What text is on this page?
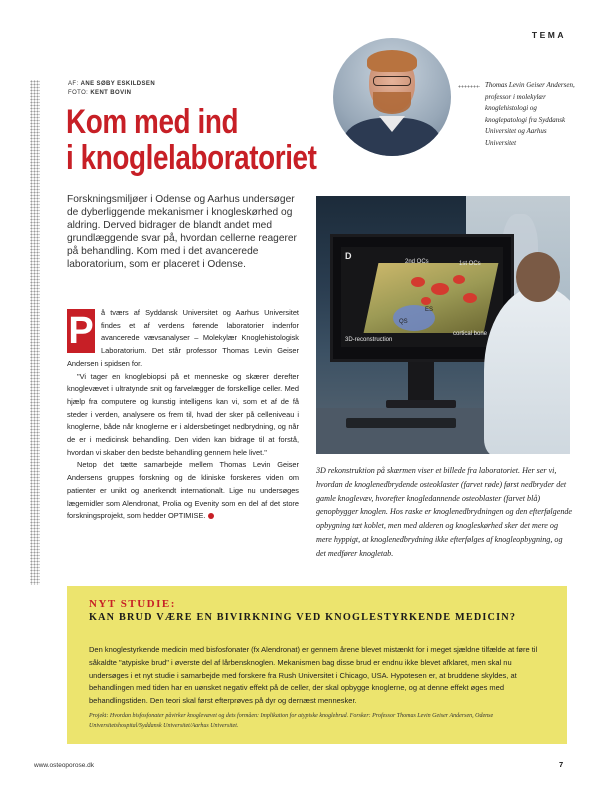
TEMA
AF: ANE SØBY ESKILDSEN
FOTO: KENT BOVIN
Kom med ind
i knoglelaboratoriet
Thomas Levin Geiser Andersen, professor i molekylær knoglehistologi og knoglepatologi fra Syddansk Universitet og Aarhus Universitet
Forskningsmiljøer i Odense og Aarhus undersøger de dyberliggende mekanismer i knogleskørhed og aldring. Derved bidrager de blandt andet med grundlæggende svar på, hvordan cellerne reagerer på behandling. Kom med i det avancerede laboratorium, som er placeret i Odense.

P å tværs af Syddansk Universitet og Aarhus Universitet findes et af verdens førende laboratorier indenfor avancerede vævsanalyser – Molekylær Knoglehistologisk Laboratorium. Det står professor Thomas Levin Geiser Andersen i spidsen for.

"Vi tager en knoglebiopsi på et menneske og skærer derefter knoglevævet i ultratynde snit og farvelægger de forskellige celler. Med hjælp fra computere og kunstig intelligens kan vi, som et af de få steder i verden, analysere os frem til, hvad der sker på celleniveau i knoglerne, både når knoglerne er i aldersbetinget nedbrydning, og når de er i medicinsk behandling. Den viden kan bidrage til at forstå, hvordan vi skaber den bedste behandling gennem hele livet."

Netop det tætte samarbejde mellem Thomas Levin Geiser Andersens gruppes forskning og de kliniske forskeres viden om patienter er unikt og anerkendt internationalt. Lige nu undersøges lægemidler som Alendronat, Prolia og Evenity som en del af det store forskningsprojekt, som hedder OPTIMISE.

D
2nd OCs	1st OCs
ES
QS
3D-reconstruction
cortical bone
3D rekonstruktion på skærmen viser et billede fra laboratoriet. Her ser vi, hvordan de knoglenedbrydende osteoklaster (farvet røde) først nedbryder det gamle knoglevæv, hvorefter knogledannende osteoblaster (farvet blå) genopbygger knoglen. Hos raske er knoglenedbrydningen og den efterfølgende opbygning tæt koblet, men med alderen og knogleskørhed sker det mere og mere hyppigt, at knoglenedbrydning ikke efterfølges af knogleopbygning, og det medfører knogletab.
NYT STUDIE:
KAN BRUD VÆRE EN BIVIRKNING VED KNOGLESTYRKENDE MEDICIN?
Den knoglestyrkende medicin med bisfosfonater (fx Alendronat) er gennem årene blevet mistænkt for i meget sjældne tilfælde at føre til såkaldte "atypiske brud" i øverste del af lårbensknoglen. Mekanismen bag disse brud er endnu ikke blevet afklaret, men skal nu undersøges i et nyt studie i samarbejde med forskere fra Rush Universitet i Chicago, USA. Hypotesen er, at bruddene skyldes, at behandlingen med tiden har en uønsket negativ effekt på de celler, der skal opbygge knoglerne, og at denne effekt øges med behandlingstiden. Den teori skal først efterprøves på dyr og dernæst mennesker.
Projekt: Hvordan bisfosfonater påvirker knoglevævet og dets formåen: Implikation for atypiske knoglebrud. Forsker: Professor Thomas Levin Geiser Andersen, Odense Universitetshospital/Syddansk Universitet/Aarhus Universitet.
www.osteoporose.dk	7
